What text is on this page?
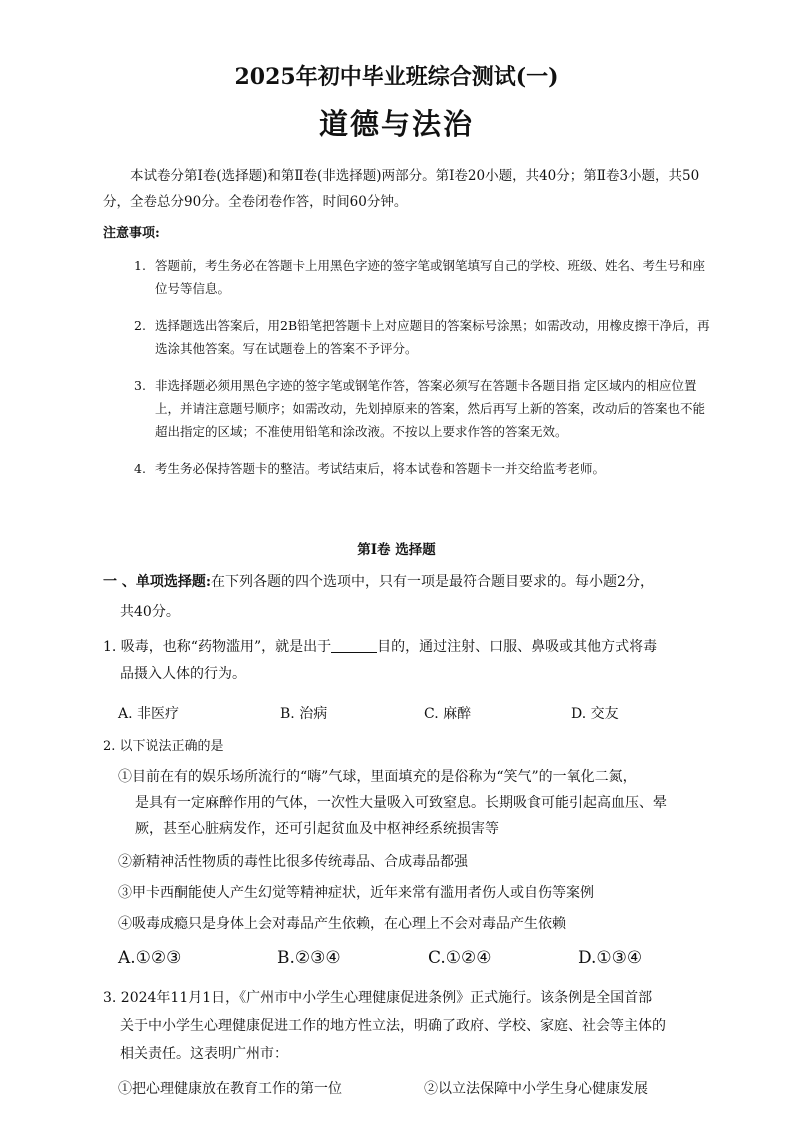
2025年初中毕业班综合测试(一)
道德与法治
本试卷分第Ⅰ卷(选择题)和第Ⅱ卷(非选择题)两部分。第Ⅰ卷20小题，共40分；第Ⅱ卷3小题，共50分，全卷总分90分。全卷闭卷作答，时间60分钟。
注意事项:
1. 答题前，考生务必在答题卡上用黑色字迹的签字笔或钢笔填写自己的学校、班级、姓名、考生号和座位号等信息。
2. 选择题选出答案后，用2B铅笔把答题卡上对应题目的答案标号涂黑；如需改动，用橡皮擦干净后，再选涂其他答案。写在试题卷上的答案不予评分。
3. 非选择题必须用黑色字迹的签字笔或钢笔作答，答案必须写在答题卡各题目指 定区域内的相应位置上，并请注意题号顺序；如需改动，先划掉原来的答案，然后再写上新的答案，改动后的答案也不能超出指定的区域；不准使用铅笔和涂改液。不按以上要求作答的答案无效。
4. 考生务必保持答题卡的整洁。考试结束后，将本试卷和答题卡一并交给监考老师。
第Ⅰ卷 选择题
一 、单项选择题:在下列各题的四个选项中，只有一项是最符合题目要求的。每小题2分，
共40分。
1. 吸毒，也称“药物滥用”，就是出于	目的，通过注射、口服、鼻吸或其他方式将毒
品摄入人体的行为。
A. 非医疗	B. 治病	C. 麻醉	D. 交友
2. 以下说法正确的是
①目前在有的娱乐场所流行的“嗨”气球，里面填充的是俗称为“笑气”的一氧化二氮，
是具有一定麻醉作用的气体，一次性大量吸入可致窒息。长期吸食可能引起高血压、晕
厥，甚至心脏病发作，还可引起贫血及中枢神经系统损害等
②新精神活性物质的毒性比很多传统毒品、合成毒品都强
③甲卡西酮能使人产生幻觉等精神症状，近年来常有滥用者伤人或自伤等案例
④吸毒成瘾只是身体上会对毒品产生依赖，在心理上不会对毒品产生依赖
A.①②③	B.②③④	C.①②④	D.①③④
3. 2024年11月1日，《广州市中小学生心理健康促进条例》正式施行。该条例是全国首部
关于中小学生心理健康促进工作的地方性立法，明确了政府、学校、家庭、社会等主体的
相关责任。这表明广州市：
①把心理健康放在教育工作的第一位	②以立法保障中小学生身心健康发展
